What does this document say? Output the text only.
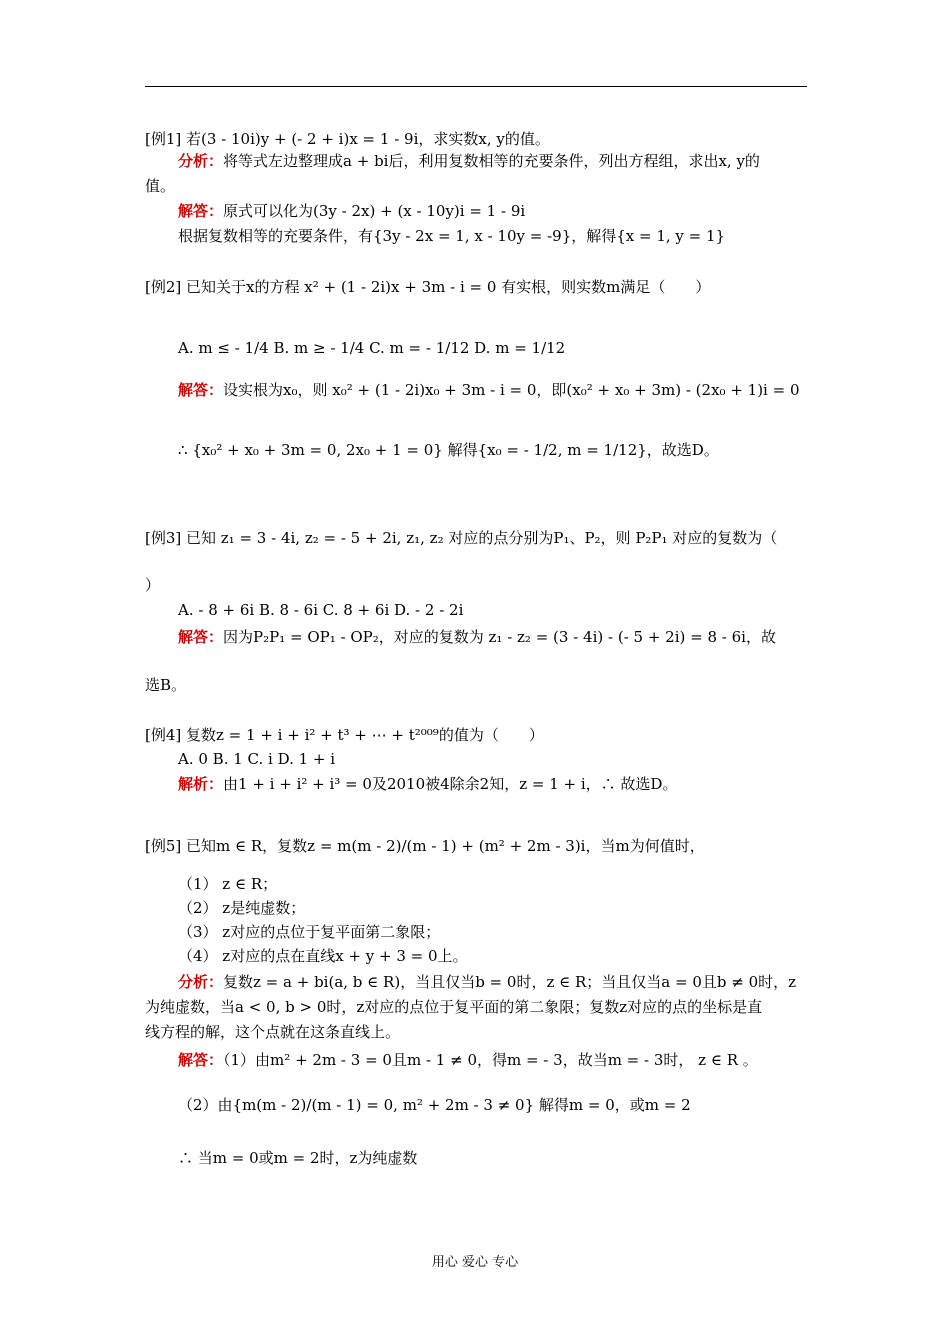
[例1] 若(3 - 10i)y + (- 2 + i)x = 1 - 9i，求实数x, y的值。
分析：将等式左边整理成a + bi后，利用复数相等的充要条件，列出方程组，求出x, y的
值。
解答：原式可以化为(3y - 2x) + (x - 10y)i = 1 - 9i
根据复数相等的充要条件，有{3y - 2x = 1, x - 10y = -9}，解得{x = 1, y = 1}
[例2] 已知关于x的方程 x² + (1 - 2i)x + 3m - i = 0 有实根，则实数m满足（　　）
A. m ≤ - 1/4 B. m ≥ - 1/4 C. m = - 1/12 D. m = 1/12
解答：设实根为x₀，则 x₀² + (1 - 2i)x₀ + 3m - i = 0，即(x₀² + x₀ + 3m) - (2x₀ + 1)i = 0
∴ {x₀² + x₀ + 3m = 0, 2x₀ + 1 = 0} 解得{x₀ = - 1/2, m = 1/12}，故选D。
[例3] 已知 z₁ = 3 - 4i, z₂ = - 5 + 2i, z₁, z₂ 对应的点分别为P₁、P₂，则 P₂P₁ 对应的复数为（
）
A. - 8 + 6i B. 8 - 6i C. 8 + 6i D. - 2 - 2i
解答：因为P₂P₁ = OP₁ - OP₂，对应的复数为 z₁ - z₂ = (3 - 4i) - (- 5 + 2i) = 8 - 6i，故
选B。
[例4] 复数z = 1 + i + i² + t³ + ⋯ + t²⁰⁰⁹的值为（　　）
A. 0 B. 1 C. i D. 1 + i
解析：由1 + i + i² + i³ = 0及2010被4除余2知，z = 1 + i，∴ 故选D。
[例5] 已知m ∈ R，复数z = m(m - 2)/(m - 1) + (m² + 2m - 3)i，当m为何值时，
（1） z ∈ R；
（2） z是纯虚数；
（3） z对应的点位于复平面第二象限；
（4） z对应的点在直线x + y + 3 = 0上。
分析：复数z = a + bi(a, b ∈ R)，当且仅当b = 0时，z ∈ R；当且仅当a = 0且b ≠ 0时，z
为纯虚数，当a < 0, b > 0时，z对应的点位于复平面的第二象限；复数z对应的点的坐标是直
线方程的解，这个点就在这条直线上。
解答：（1）由m² + 2m - 3 = 0且m - 1 ≠ 0，得m = - 3，故当m = - 3时， z ∈ R 。
（2）由{m(m - 2)/(m - 1) = 0, m² + 2m - 3 ≠ 0} 解得m = 0，或m = 2
∴ 当m = 0或m = 2时，z为纯虚数
用心 爱心 专心
